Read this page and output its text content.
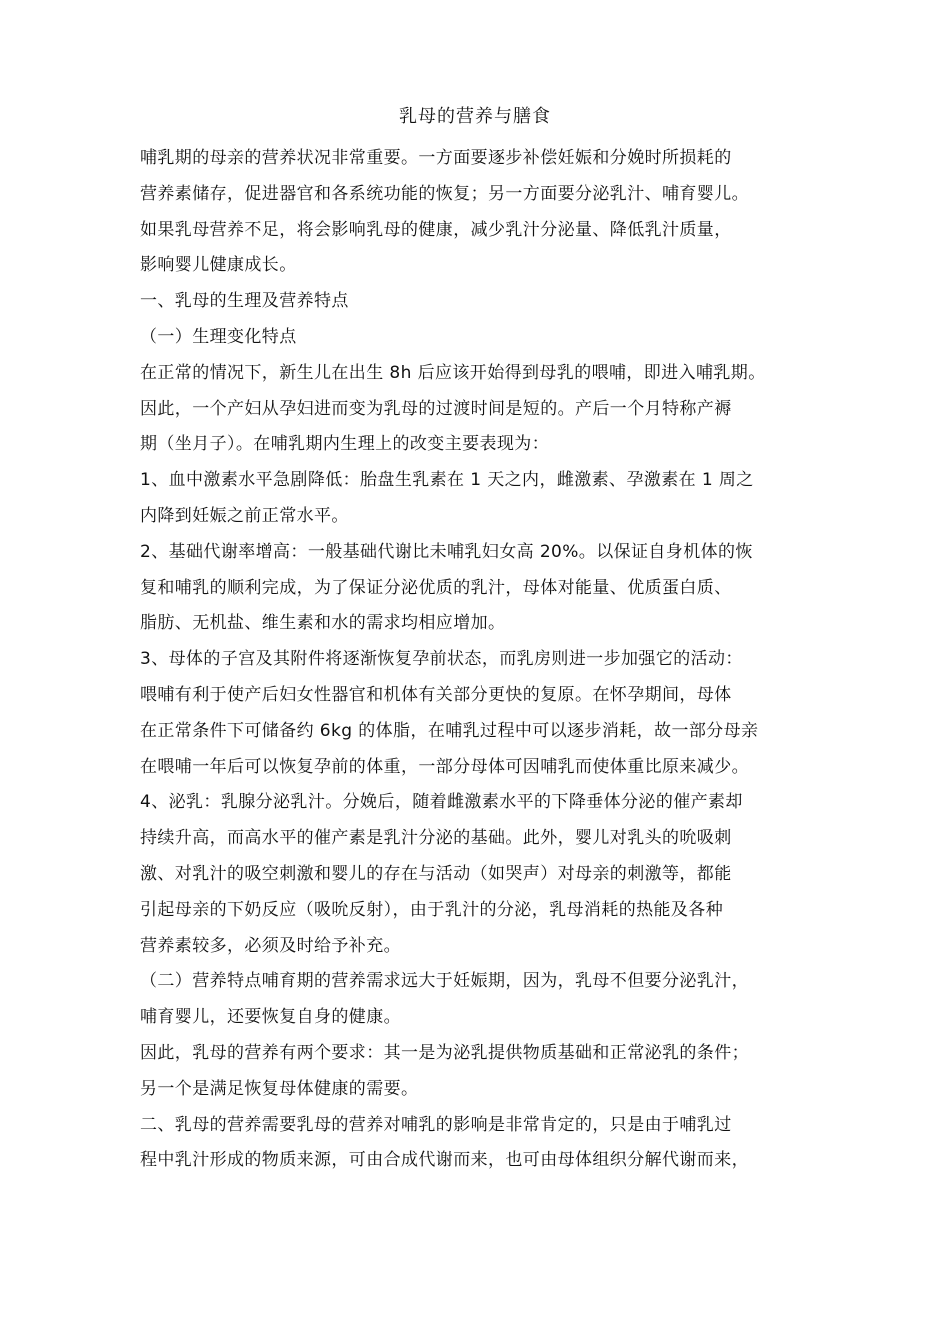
乳母的营养与膳食
哺乳期的母亲的营养状况非常重要。一方面要逐步补偿妊娠和分娩时所损耗的
营养素储存，促进器官和各系统功能的恢复；另一方面要分泌乳汁、哺育婴儿。
如果乳母营养不足，将会影响乳母的健康，减少乳汁分泌量、降低乳汁质量，
影响婴儿健康成长。
一、乳母的生理及营养特点
（一）生理变化特点
在正常的情况下，新生儿在出生 8h 后应该开始得到母乳的喂哺，即进入哺乳期。
因此，一个产妇从孕妇进而变为乳母的过渡时间是短的。产后一个月特称产褥
期（坐月子）。在哺乳期内生理上的改变主要表现为：
1、血中激素水平急剧降低：胎盘生乳素在 1 天之内，雌激素、孕激素在 1 周之
内降到妊娠之前正常水平。
2、基础代谢率增高：一般基础代谢比未哺乳妇女高 20%。以保证自身机体的恢
复和哺乳的顺利完成，为了保证分泌优质的乳汁，母体对能量、优质蛋白质、
脂肪、无机盐、维生素和水的需求均相应增加。
3、母体的子宫及其附件将逐渐恢复孕前状态，而乳房则进一步加强它的活动：
喂哺有利于使产后妇女性器官和机体有关部分更快的复原。在怀孕期间，母体
在正常条件下可储备约 6kg 的体脂，在哺乳过程中可以逐步消耗，故一部分母亲
在喂哺一年后可以恢复孕前的体重，一部分母体可因哺乳而使体重比原来减少。
4、泌乳：乳腺分泌乳汁。分娩后，随着雌激素水平的下降垂体分泌的催产素却
持续升高，而高水平的催产素是乳汁分泌的基础。此外，婴儿对乳头的吮吸刺
激、对乳汁的吸空刺激和婴儿的存在与活动（如哭声）对母亲的刺激等，都能
引起母亲的下奶反应（吸吮反射），由于乳汁的分泌，乳母消耗的热能及各种
营养素较多，必须及时给予补充。
（二）营养特点哺育期的营养需求远大于妊娠期，因为，乳母不但要分泌乳汁，
哺育婴儿，还要恢复自身的健康。
因此，乳母的营养有两个要求：其一是为泌乳提供物质基础和正常泌乳的条件；
另一个是满足恢复母体健康的需要。
二、乳母的营养需要乳母的营养对哺乳的影响是非常肯定的，只是由于哺乳过
程中乳汁形成的物质来源，可由合成代谢而来，也可由母体组织分解代谢而来，
